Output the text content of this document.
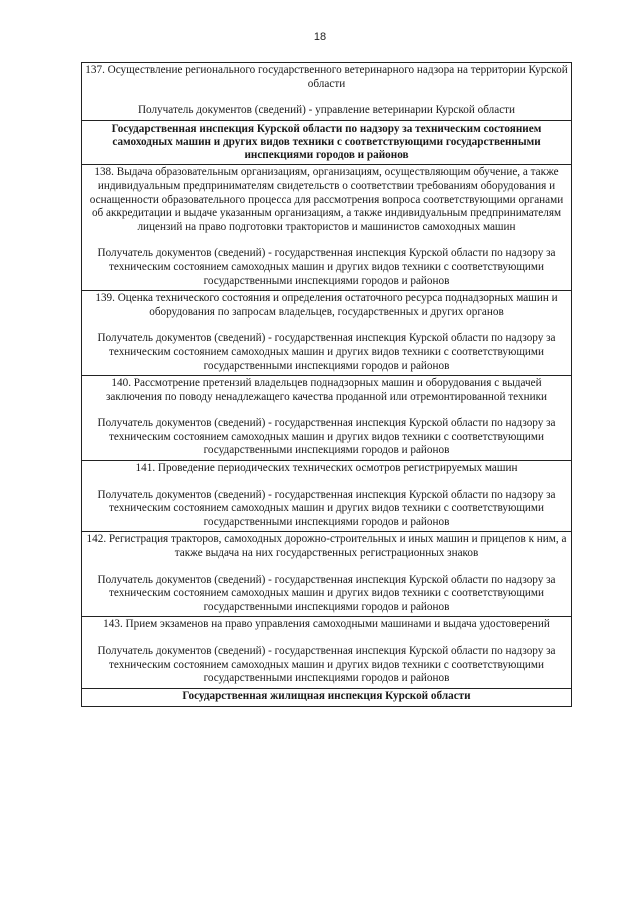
18

137. Осуществление регионального государственного ветеринарного надзора на территории Курской области

Получатель документов (сведений) - управление ветеринарии Курской области

Государственная инспекция Курской области по надзору за техническим состоянием самоходных машин и других видов техники с соответствующими государственными инспекциями городов и районов

138. Выдача образовательным организациям, организациям, осуществляющим обучение, а также индивидуальным предпринимателям свидетельств о соответствии требованиям оборудования и оснащенности образовательного процесса для рассмотрения вопроса соответствующими органами об аккредитации и выдаче указанным организациям, а также индивидуальным предпринимателям лицензий на право подготовки трактористов и машинистов самоходных машин

Получатель документов (сведений) - государственная инспекция Курской области по надзору за техническим состоянием самоходных машин и других видов техники с соответствующими государственными инспекциями городов и районов

139. Оценка технического состояния и определения остаточного ресурса поднадзорных машин и оборудования по запросам владельцев, государственных и других органов

Получатель документов (сведений) - государственная инспекция Курской области по надзору за техническим состоянием самоходных машин и других видов техники с соответствующими государственными инспекциями городов и районов

140. Рассмотрение претензий владельцев поднадзорных машин и оборудования с выдачей заключения по поводу ненадлежащего качества проданной или отремонтированной техники

Получатель документов (сведений) - государственная инспекция Курской области по надзору за техническим состоянием самоходных машин и других видов техники с соответствующими государственными инспекциями городов и районов

141. Проведение периодических технических осмотров регистрируемых машин

Получатель документов (сведений) - государственная инспекция Курской области по надзору за техническим состоянием самоходных машин и других видов техники с соответствующими государственными инспекциями городов и районов

142. Регистрация тракторов, самоходных дорожно-строительных и иных машин и прицепов к ним, а также выдача на них государственных регистрационных знаков

Получатель документов (сведений) - государственная инспекция Курской области по надзору за техническим состоянием самоходных машин и других видов техники с соответствующими государственными инспекциями городов и районов

143. Прием экзаменов на право управления самоходными машинами и выдача удостоверений

Получатель документов (сведений) - государственная инспекция Курской области по надзору за техническим состоянием самоходных машин и других видов техники с соответствующими государственными инспекциями городов и районов

Государственная жилищная инспекция Курской области
